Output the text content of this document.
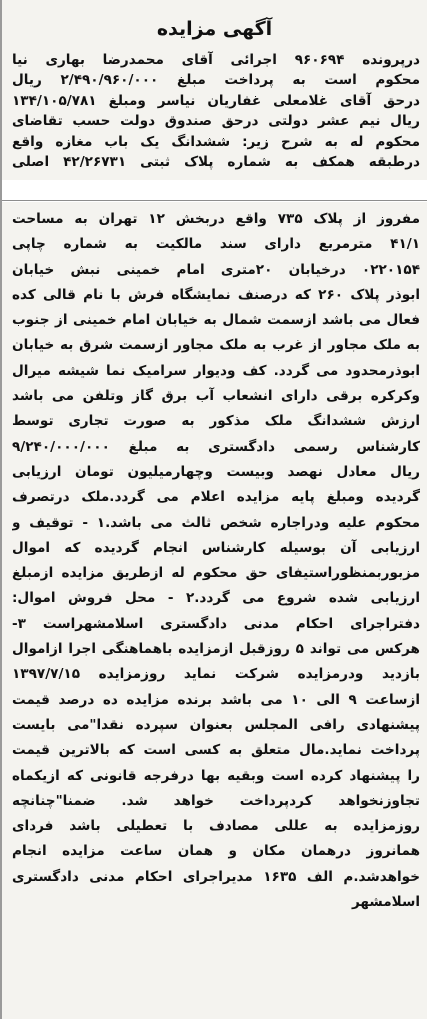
آگهی مزایده
درپرونده ۹۶۰۶۹۴ اجرائی آقای محمدرضا بهاری نیا
محکوم است به پرداخت مبلغ ۲/۴۹۰/۹۶۰/۰۰۰ ریال
درحق آقای غلامعلی غفاریان نیاسر ومبلغ ۱۳۴/۱۰۵/۷۸۱
ریال نیم عشر دولتی درحق صندوق دولت حسب تقاضای
محکوم له به شرح زیر: ششدانگ یک باب مغازه واقع
درطبقه همکف به شماره پلاک ثبتی ۴۲/۲۶۷۳۱ اصلی
مفروز از پلاک ۷۳۵ واقع دربخش ۱۲ تهران به مساحت
۴۱/۱ مترمربع دارای سند مالکیت به شماره چاپی
۰۲۲۰۱۵۴ درخیابان ۲۰متری امام خمینی نبش خیابان
ابوذر پلاک ۲۶۰ که درصنف نمایشگاه فرش با نام قالی کده
فعال می باشد ازسمت شمال به خیابان امام خمینی از جنوب
به ملک مجاور از غرب به ملک مجاور ازسمت شرق به خیابان
ابوذرمحدود می گردد. کف ودیوار سرامیک نما شیشه میرال
وکرکره برقی دارای انشعاب آب برق گاز وتلفن می باشد
ارزش ششدانگ ملک مذکور به صورت تجاری توسط
کارشناس رسمی دادگستری به مبلغ ۹/۲۴۰/۰۰۰/۰۰۰
ریال معادل نهصد وبیست وچهارمیلیون تومان ارزیابی
گردیده ومبلغ پایه مزایده اعلام می گردد.ملک درتصرف
محکوم علیه ودراجاره شخص ثالث می باشد.۱ - توقیف و
ارزیابی آن بوسیله کارشناس انجام گردیده که اموال
مزبوربمنظوراستیفای حق محکوم له ازطریق مزایده ازمبلغ
ارزیابی شده شروع می گردد.۲ - محل فروش اموال:
دفتراجرای احکام مدنی دادگستری اسلامشهراست ۳-
هرکس می تواند ۵ روزقبل ازمزایده باهماهنگی اجرا ازاموال
بازدید ودرمزایده شرکت نماید روزمزایده ۱۳۹۷/۷/۱۵
ازساعت ۹ الی ۱۰ می باشد برنده مزایده ده درصد قیمت
پیشنهادی رافی المجلس بعنوان سپرده نقدا"می بایست
پرداخت نماید.مال متعلق به کسی است که بالاترین قیمت
را پیشنهاد کرده است وبقیه بها درفرجه قانونی که ازیکماه
تجاوزنخواهد کردپرداخت خواهد شد. ضمنا"چنانچه
روزمزایده به عللی مصادف با تعطیلی باشد فردای
همانروز درهمان مکان و همان ساعت مزایده انجام
خواهدشد.م الف ۱۶۳۵ مدیراجرای احکام مدنی دادگستری
اسلامشهر
